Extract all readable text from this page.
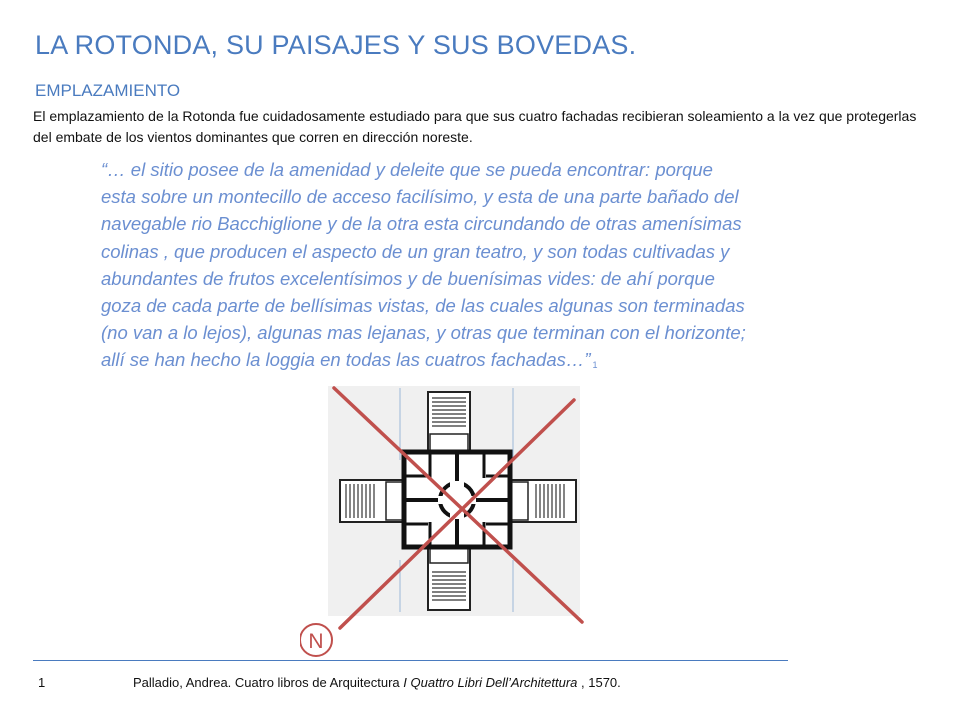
LA ROTONDA, SU PAISAJES Y SUS BOVEDAS.
EMPLAZAMIENTO

El emplazamiento de la Rotonda fue cuidadosamente estudiado para que sus cuatro fachadas recibieran soleamiento a la vez que protegerlas del embate de los vientos dominantes que corren en dirección noreste.

“… el sitio posee de la amenidad y deleite que se pueda encontrar: porque
esta sobre un montecillo de acceso facilísimo, y esta de una parte bañado del
navegable rio Bacchiglione y de la otra esta circundando de otras amenísimas
colinas , que producen el aspecto de un gran teatro, y son todas cultivadas y
abundantes de frutos excelentísimos y de buenísimas vides: de ahí porque
goza de cada parte de bellísimas vistas, de las cuales algunas son terminadas
(no van a lo lejos), algunas mas lejanas, y otras que terminan con el horizonte;
allí se han hecho la loggia en todas las cuatros fachadas…” $^1$

N
1	Palladio, Andrea. Cuatro libros de Arquitectura I Quattro Libri Dell’Architettura , 1570.
